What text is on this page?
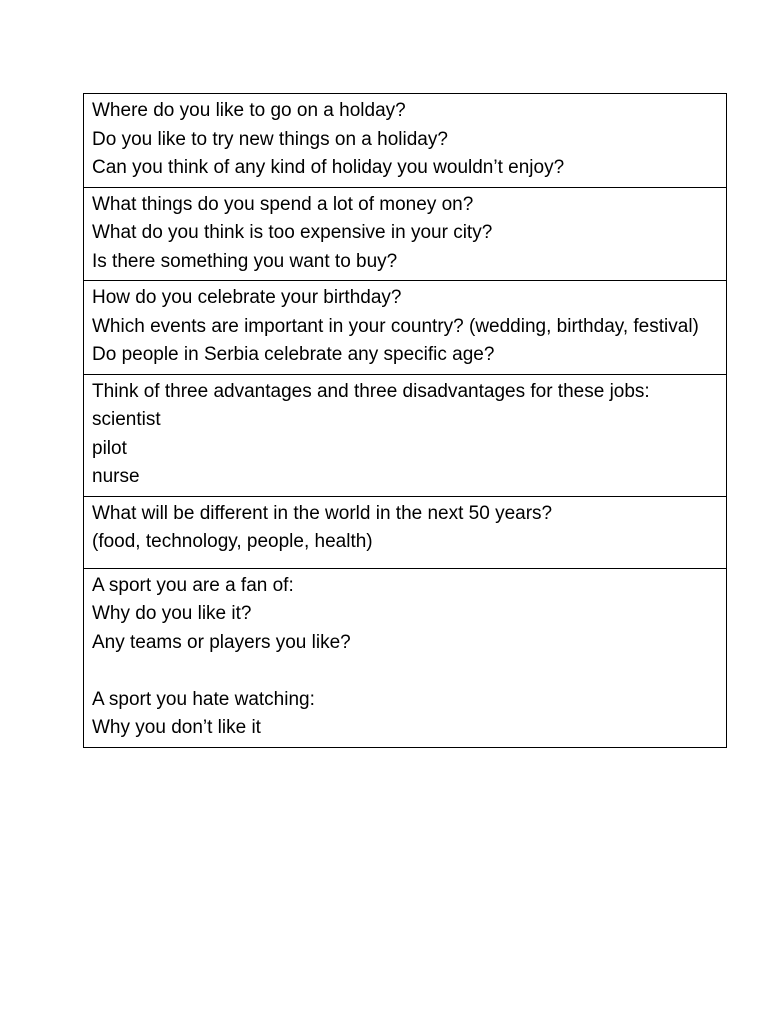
Where do you like to go on a holday?
Do you like to try new things on a holiday?
Can you think of any kind of holiday you wouldn’t enjoy?

What things do you spend a lot of money on?
What do you think is too expensive in your city?
Is there something you want to buy?

How do you celebrate your birthday?
Which events are important in your country? (wedding, birthday, festival)
Do people in Serbia celebrate any specific age?

Think of three advantages and three disadvantages for these jobs:
scientist
pilot
nurse

What will be different in the world in the next 50 years?
(food, technology, people, health)

A sport you are a fan of:
Why do you like it?
Any teams or players you like?
A sport you hate watching:
Why you don’t like it
